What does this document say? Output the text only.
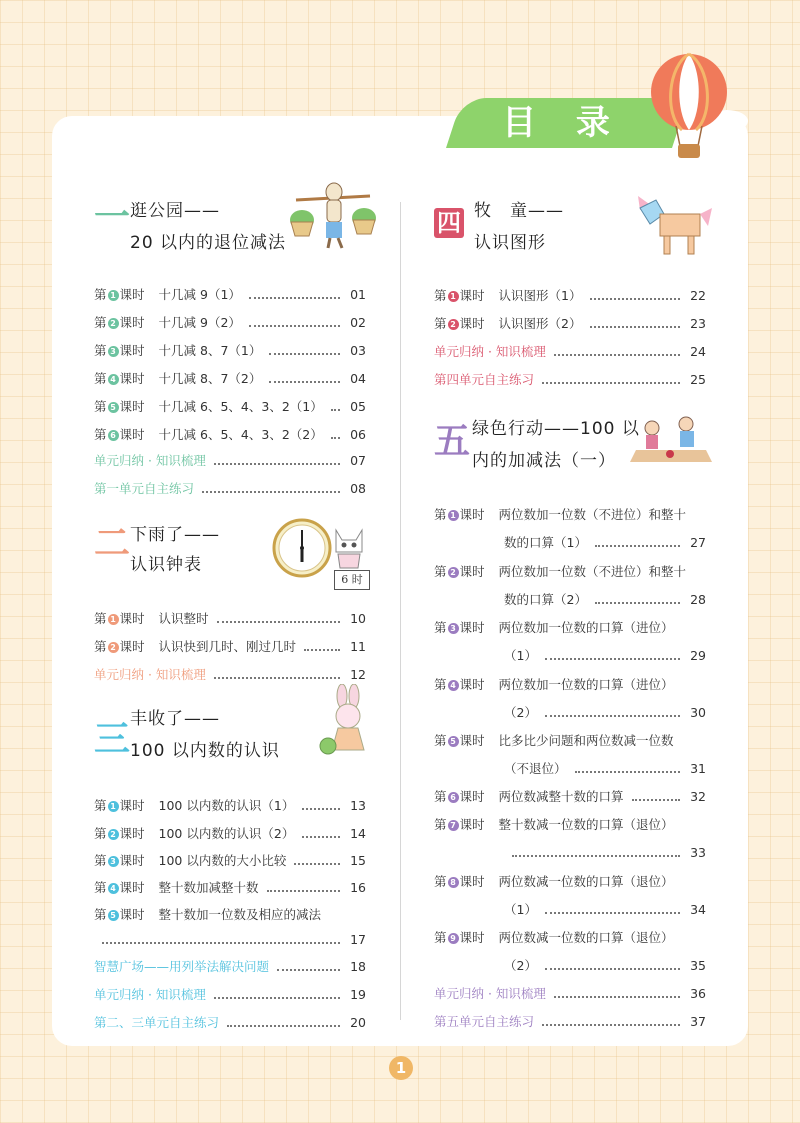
目 录
一 逛公园——
20 以内的退位减法
第 1 课时 十几减 9（1）	01
第 2 课时 十几减 9（2）	02
第 3 课时 十几减 8、7（1）	03
第 4 课时 十几减 8、7（2）	04
第 5 课时 十几减 6、5、4、3、2（1） 05
第 6 课时 十几减 6、5、4、3、2（2） 06
单元归纳 · 知识梳理	07
第一单元自主练习	08
二 下雨了——
认识钟表
6 时
第 1 课时 认识整时	10
第 2 课时 认识快到几时、刚过几时	11
单元归纳 · 知识梳理	12
三 丰收了——
100 以内数的认识
第 1 课时 100 以内数的认识（1）	13
第 2 课时 100 以内数的认识（2）	14
第 3 课时 100 以内数的大小比较	15
第 4 课时 整十数加减整十数	16
第 5 课时 整十数加一位数及相应的减法
17
智慧广场——用列举法解决问题	18
单元归纳 · 知识梳理	19
第二、三单元自主练习	20
四 牧　童——
认识图形
第 1 课时 认识图形（1）	22
第 2 课时 认识图形（2）	23
单元归纳 · 知识梳理	24
第四单元自主练习	25
五 绿色行动——100 以
内的加减法（一）
第 1 课时 两位数加一位数（不进位）和整十
数的口算（1）	27
第 2 课时 两位数加一位数（不进位）和整十
数的口算（2）	28
第 3 课时 两位数加一位数的口算（进位）
（1）	29
第 4 课时 两位数加一位数的口算（进位）
（2）	30
第 5 课时 比多比少问题和两位数减一位数
（不退位）	31
第 6 课时 两位数减整十数的口算	32
第 7 课时 整十数减一位数的口算（退位）
33
第 8 课时 两位数减一位数的口算（退位）
（1）	34
第 9 课时 两位数减一位数的口算（退位）
（2）	35
单元归纳 · 知识梳理	36
第五单元自主练习	37
1
